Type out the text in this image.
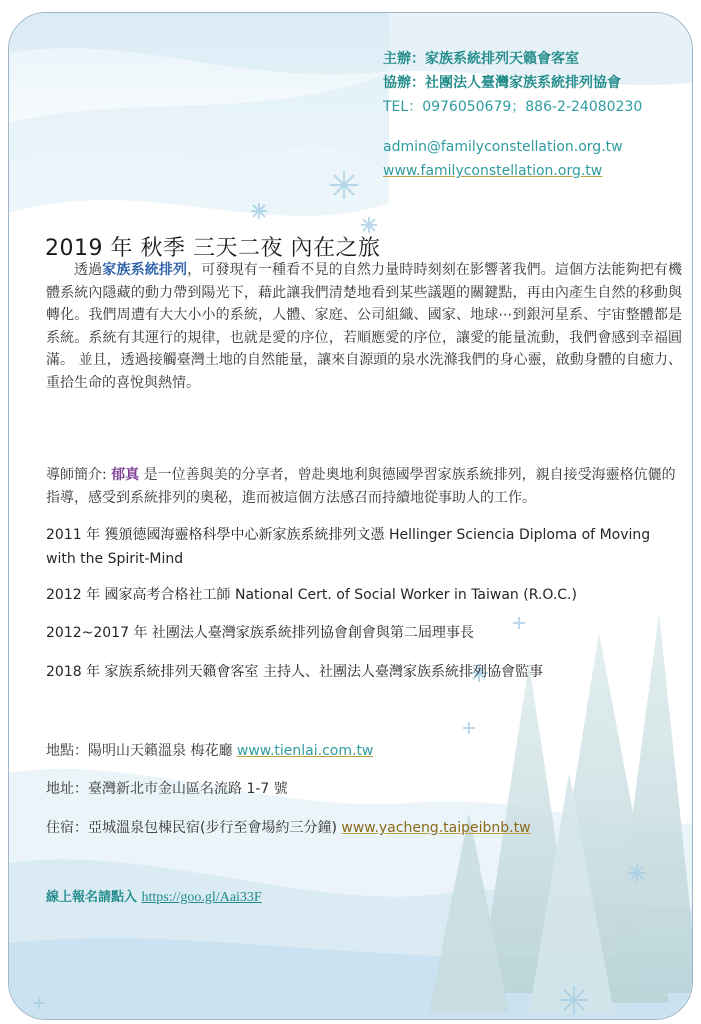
主辦：家族系統排列天籟會客室
協辦：社團法人臺灣家族系統排列協會
TEL：0976050679；886-2-24080230
admin@familyconstellation.org.tw
www.familyconstellation.org.tw
2019 年 秋季 三天二夜 內在之旅
透過家族系統排列，可發現有一種看不見的自然力量時時刻刻在影響著我們。這個方法能夠把有機體系統內隱藏的動力帶到陽光下，藉此讓我們清楚地看到某些議題的關鍵點，再由內產生自然的移動與轉化。我們周遭有大大小小的系統，人體、家庭、公司組織、國家、地球⋯到銀河星系、宇宙整體都是系統。系統有其運行的規律，也就是愛的序位，若順應愛的序位，讓愛的能量流動，我們會感到幸福圓滿。 並且，透過接觸臺灣土地的自然能量，讓來自源頭的泉水洗滌我們的身心靈，啟動身體的自癒力、重拾生命的喜悅與熱情。
導師簡介: 郁真 是一位善與美的分享者，曾赴奧地利與德國學習家族系統排列，親自接受海靈格伉儷的指導，感受到系統排列的奧秘，進而被這個方法感召而持續地從事助人的工作。
2011 年 獲頒德國海靈格科學中心新家族系統排列文憑 Hellinger Sciencia Diploma of Moving with the Spirit-Mind
2012 年 國家高考合格社工師 National Cert. of Social Worker in Taiwan (R.O.C.)
2012~2017 年 社團法人臺灣家族系統排列協會創會與第二屆理事長
2018 年 家族系統排列天籟會客室 主持人、社團法人臺灣家族系統排列協會監事
地點：陽明山天籟溫泉 梅花廳 www.tienlai.com.tw
地址：臺灣新北市金山區名流路 1-7 號
住宿：亞城溫泉包棟民宿(步行至會場約三分鐘) www.yacheng.taipeibnb.tw
線上報名請點入 https://goo.gl/Aai33F
